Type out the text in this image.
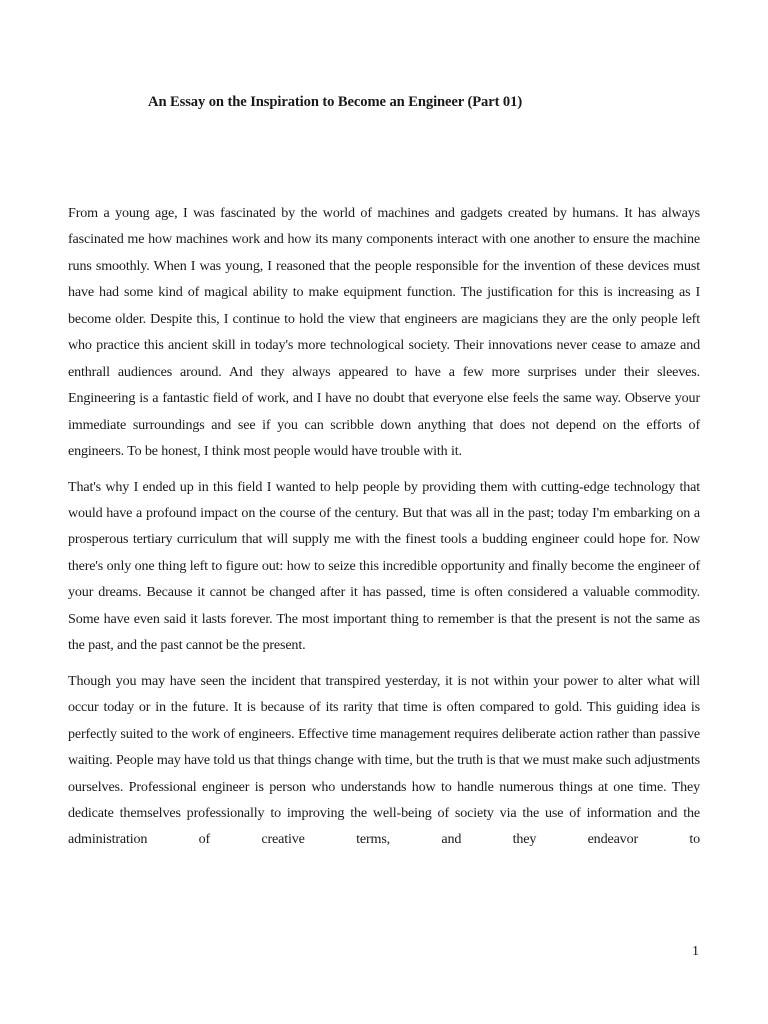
An Essay on the Inspiration to Become an Engineer (Part 01)

From a young age, I was fascinated by the world of machines and gadgets created by humans. It has always fascinated me how machines work and how its many components interact with one another to ensure the machine runs smoothly. When I was young, I reasoned that the people responsible for the invention of these devices must have had some kind of magical ability to make equipment function. The justification for this is increasing as I become older. Despite this, I continue to hold the view that engineers are magicians they are the only people left who practice this ancient skill in today's more technological society. Their innovations never cease to amaze and enthrall audiences around. And they always appeared to have a few more surprises under their sleeves. Engineering is a fantastic field of work, and I have no doubt that everyone else feels the same way. Observe your immediate surroundings and see if you can scribble down anything that does not depend on the efforts of engineers. To be honest, I think most people would have trouble with it.

That's why I ended up in this field I wanted to help people by providing them with cutting-edge technology that would have a profound impact on the course of the century. But that was all in the past; today I'm embarking on a prosperous tertiary curriculum that will supply me with the finest tools a budding engineer could hope for. Now there's only one thing left to figure out: how to seize this incredible opportunity and finally become the engineer of your dreams. Because it cannot be changed after it has passed, time is often considered a valuable commodity. Some have even said it lasts forever. The most important thing to remember is that the present is not the same as the past, and the past cannot be the present.

Though you may have seen the incident that transpired yesterday, it is not within your power to alter what will occur today or in the future. It is because of its rarity that time is often compared to gold. This guiding idea is perfectly suited to the work of engineers. Effective time management requires deliberate action rather than passive waiting. People may have told us that things change with time, but the truth is that we must make such adjustments ourselves. Professional engineer is person who understands how to handle numerous things at one time. They dedicate themselves professionally to improving the well-being of society via the use of information and the administration of creative terms, and they endeavor to

1
